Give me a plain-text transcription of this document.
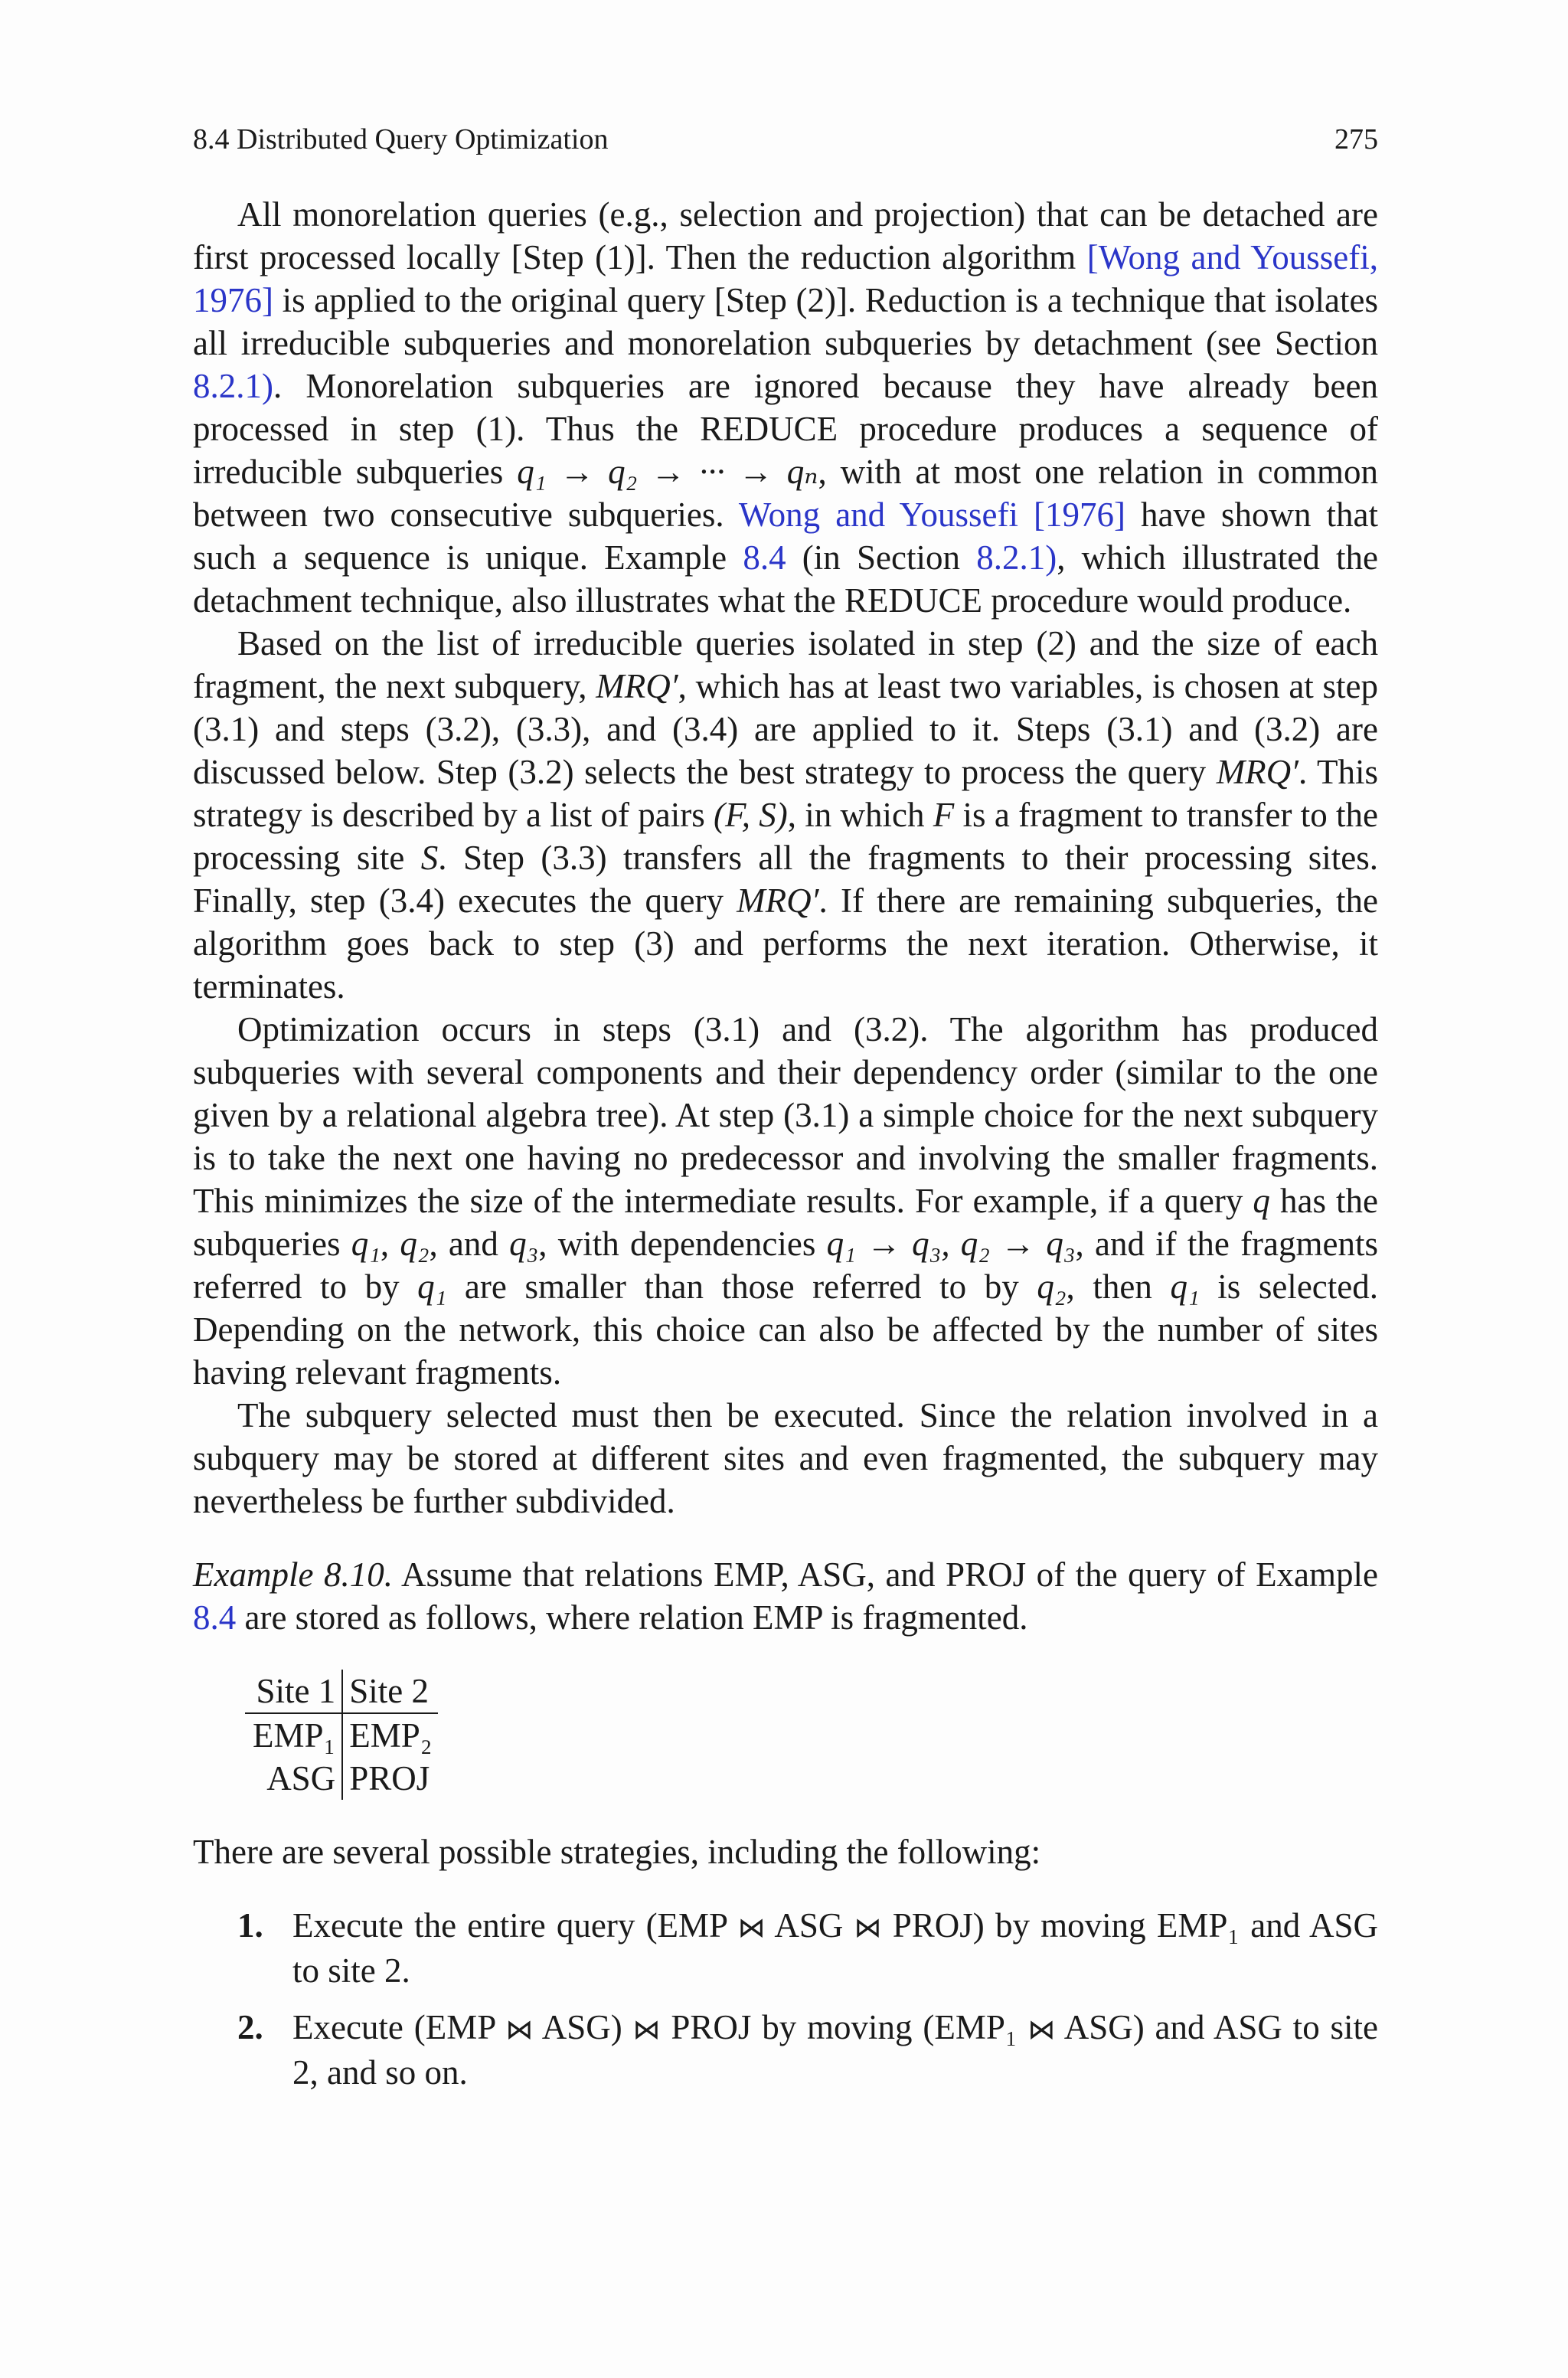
8.4 Distributed Query Optimization	275

All monorelation queries (e.g., selection and projection) that can be detached are first processed locally [Step (1)]. Then the reduction algorithm [Wong and Youssefi, 1976] is applied to the original query [Step (2)]. Reduction is a technique that isolates all irreducible subqueries and monorelation subqueries by detachment (see Section 8.2.1). Monorelation subqueries are ignored because they have already been processed in step (1). Thus the REDUCE procedure produces a sequence of irreducible subqueries q₁ → q₂ → ··· → qₙ, with at most one relation in common between two consecutive subqueries. Wong and Youssefi [1976] have shown that such a sequence is unique. Example 8.4 (in Section 8.2.1), which illustrated the detachment technique, also illustrates what the REDUCE procedure would produce.

Based on the list of irreducible queries isolated in step (2) and the size of each fragment, the next subquery, MRQ′, which has at least two variables, is chosen at step (3.1) and steps (3.2), (3.3), and (3.4) are applied to it. Steps (3.1) and (3.2) are discussed below. Step (3.2) selects the best strategy to process the query MRQ′. This strategy is described by a list of pairs (F, S), in which F is a fragment to transfer to the processing site S. Step (3.3) transfers all the fragments to their processing sites. Finally, step (3.4) executes the query MRQ′. If there are remaining subqueries, the algorithm goes back to step (3) and performs the next iteration. Otherwise, it terminates.

Optimization occurs in steps (3.1) and (3.2). The algorithm has produced subqueries with several components and their dependency order (similar to the one given by a relational algebra tree). At step (3.1) a simple choice for the next subquery is to take the next one having no predecessor and involving the smaller fragments. This minimizes the size of the intermediate results. For example, if a query q has the subqueries q₁, q₂, and q₃, with dependencies q₁ → q₃, q₂ → q₃, and if the fragments referred to by q₁ are smaller than those referred to by q₂, then q₁ is selected. Depending on the network, this choice can also be affected by the number of sites having relevant fragments.

The subquery selected must then be executed. Since the relation involved in a subquery may be stored at different sites and even fragmented, the subquery may nevertheless be further subdivided.

Example 8.10. Assume that relations EMP, ASG, and PROJ of the query of Example 8.4 are stored as follows, where relation EMP is fragmented.

Site 1	Site 2
EMP₁	EMP₂
ASG	PROJ

There are several possible strategies, including the following:

1. Execute the entire query (EMP ⋈ ASG ⋈ PROJ) by moving EMP₁ and ASG to site 2.
2. Execute (EMP ⋈ ASG) ⋈ PROJ by moving (EMP₁ ⋈ ASG) and ASG to site 2, and so on.
